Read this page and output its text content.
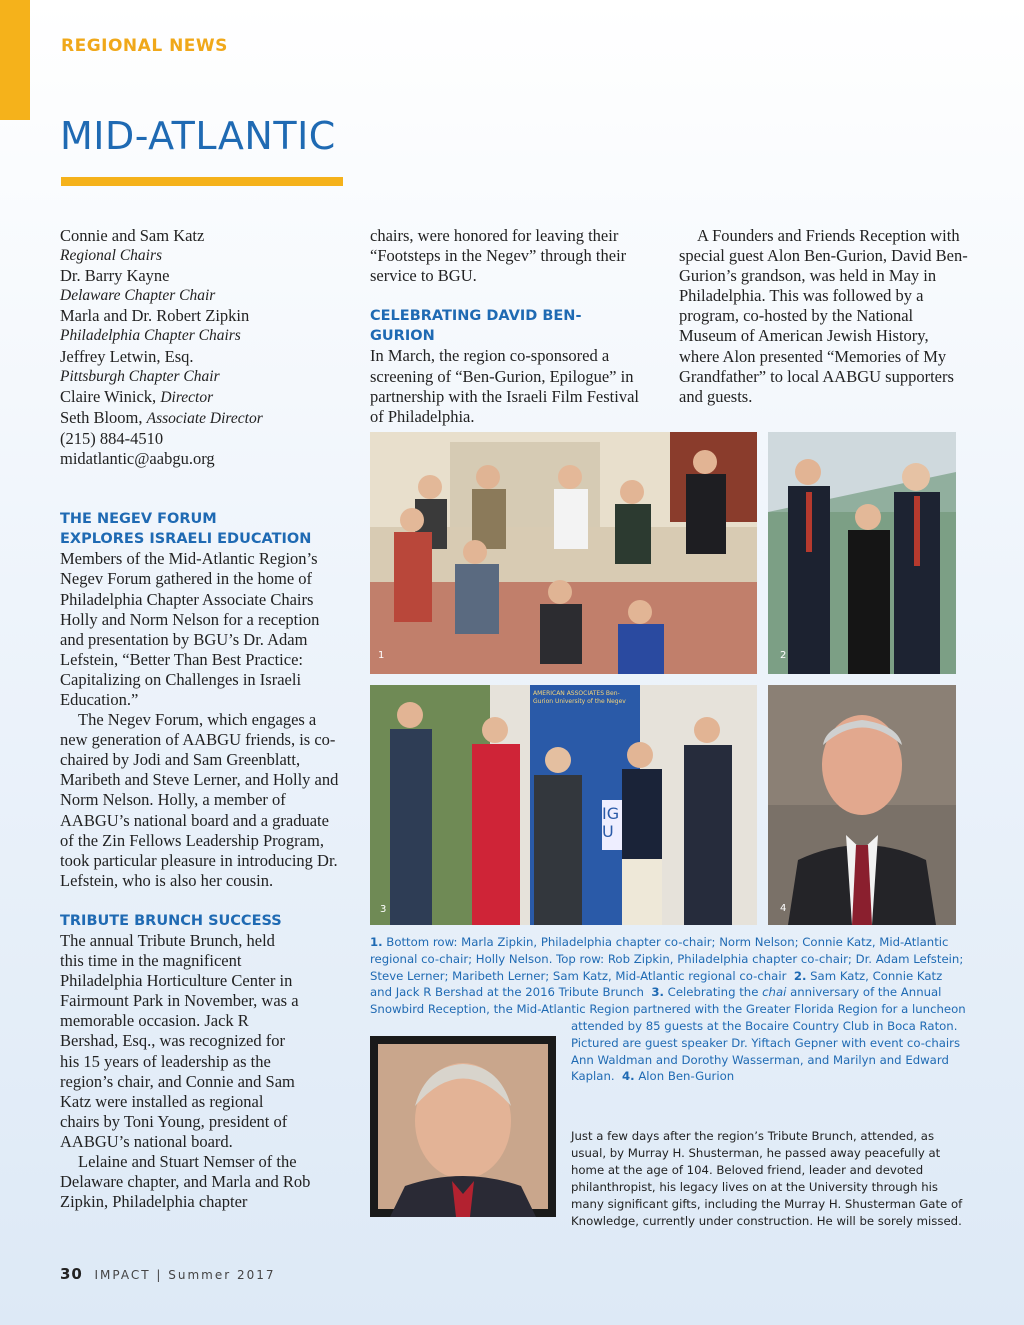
REGIONAL NEWS
MID-ATLANTIC

Connie and Sam Katz

Regional Chairs

Dr. Barry Kayne

Delaware Chapter Chair

Marla and Dr. Robert Zipkin

Philadelphia Chapter Chairs

Jeffrey Letwin, Esq.

Pittsburgh Chapter Chair

Claire Winick, Director

Seth Bloom, Associate Director

(215) 884-4510

midatlantic@aabgu.org

THE NEGEV FORUM
EXPLORES ISRAELI EDUCATION

Members of the Mid-Atlantic Region’s Negev Forum gathered in the home of Philadelphia Chapter Associate Chairs Holly and Norm Nelson for a reception and presentation by BGU’s Dr. Adam Lefstein, “Better Than Best Practice: Capitalizing on Challenges in Israeli Education.”

The Negev Forum, which engages a new generation of AABGU friends, is co-chaired by Jodi and Sam Greenblatt, Maribeth and Steve Lerner, and Holly and Norm Nelson. Holly, a member of AABGU’s national board and a graduate of the Zin Fellows Leadership Program, took particular pleasure in introducing Dr. Lefstein, who is also her cousin.

TRIBUTE BRUNCH SUCCESS

The annual Tribute Brunch, held this time in the magnificent Philadelphia Horticulture Center in Fairmount Park in November, was a memorable occasion. Jack R Bershad, Esq., was recognized for his 15 years of leadership as the region’s chair, and Connie and Sam Katz were installed as regional chairs by Toni Young, president of AABGU’s national board.

Lelaine and Stuart Nemser of the Delaware chapter, and Marla and Rob Zipkin, Philadelphia chapter

chairs, were honored for leaving their “Footsteps in the Negev” through their service to BGU.

CELEBRATING DAVID BEN-GURION

In March, the region co-sponsored a screening of “Ben-Gurion, Epilogue” in partnership with the Israeli Film Festival of Philadelphia.

A Founders and Friends Reception with special guest Alon Ben-Gurion, David Ben-Gurion’s grandson, was held in May in Philadelphia. This was followed by a program, co-hosted by the National Museum of American Jewish History, where Alon presented “Memories of My Grandfather” to local AABGU supporters and guests.

1	2
AMERICAN ASSOCIATES Ben-Gurion University of the Negev
IG U
3	4
1. Bottom row: Marla Zipkin, Philadelphia chapter co-chair; Norm Nelson; Connie Katz, Mid-Atlantic
regional co-chair; Holly Nelson. Top row: Rob Zipkin, Philadelphia chapter co-chair; Dr. Adam Lefstein;
Steve Lerner; Maribeth Lerner; Sam Katz, Mid-Atlantic regional co-chair 2. Sam Katz, Connie Katz
and Jack R Bershad at the 2016 Tribute Brunch 3. Celebrating the chai anniversary of the Annual
Snowbird Reception, the Mid-Atlantic Region partnered with the Greater Florida Region for a luncheon
attended by 85 guests at the Bocaire Country Club in Boca Raton.
Pictured are guest speaker Dr. Yiftach Gepner with event co-chairs
Ann Waldman and Dorothy Wasserman, and Marilyn and Edward
Kaplan. 4. Alon Ben-Gurion
Just a few days after the region’s Tribute Brunch, attended, as usual, by Murray H. Shusterman, he passed away peacefully at home at the age of 104. Beloved friend, leader and devoted philanthropist, his legacy lives on at the University through his many significant gifts, including the Murray H. Shusterman Gate of Knowledge, currently under construction. He will be sorely missed.
30 IMPACT | Summer 2017
